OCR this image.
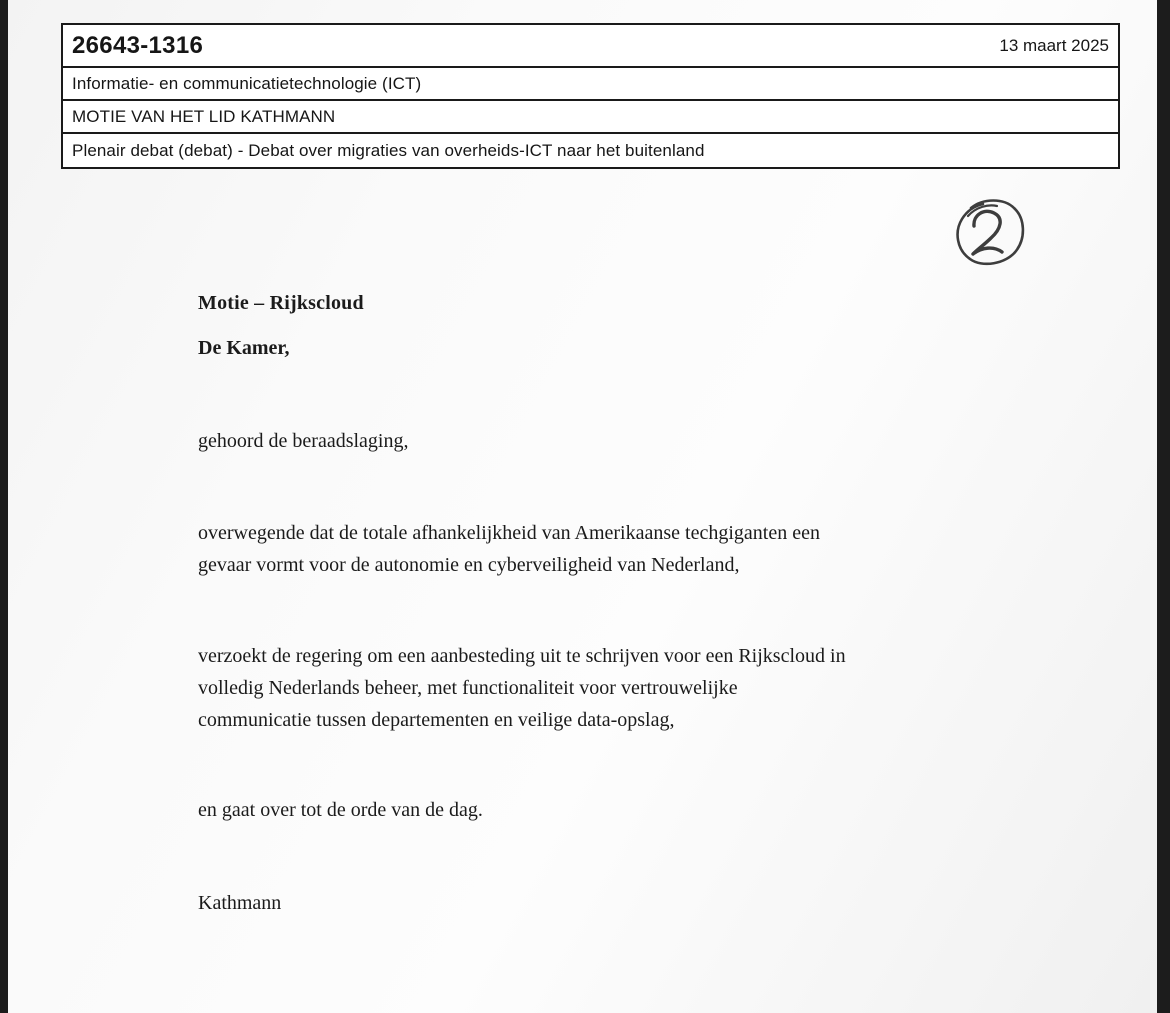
26643-1316	13 maart 2025
Informatie- en communicatietechnologie (ICT)
MOTIE VAN HET LID KATHMANN
Plenair debat (debat) - Debat over migraties van overheids-ICT naar het buitenland
Motie – Rijkscloud
De Kamer,
gehoord de beraadslaging,
overwegende dat de totale afhankelijkheid van Amerikaanse techgiganten een
gevaar vormt voor de autonomie en cyberveiligheid van Nederland,
verzoekt de regering om een aanbesteding uit te schrijven voor een Rijkscloud in
volledig Nederlands beheer, met functionaliteit voor vertrouwelijke
communicatie tussen departementen en veilige data-opslag,
en gaat over tot de orde van de dag.
Kathmann
